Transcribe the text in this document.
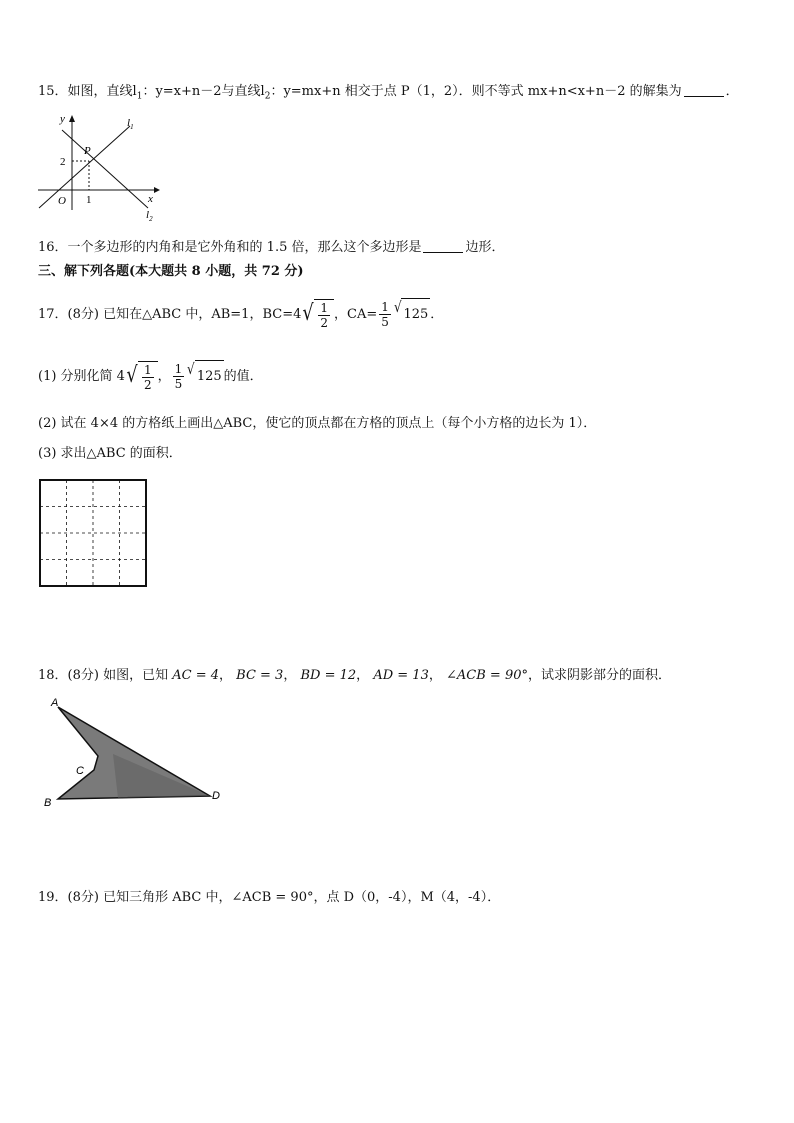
15．如图，直线$l_1$：y=x+n－2与直线$l_2$：y=mx+n 相交于点 P（1，2）．则不等式 mx+n<x+n－2 的解集为	．
y
x
O
P
2
1
$l_1$
$l_2$
16．一个多边形的内角和是它外角和的 1.5 倍，那么这个多边形是	边形．
三、解下列各题(本大题共 8 小题，共 72 分)
17．(8分) 已知在△ABC 中，AB=1，BC=4 √ $\frac{1}{2}$ ，$CA= \frac{1}{5}$ √ 125 ．
(1) 分别化简 4 √ $\frac{1}{2}$ ， $\frac{1}{5}$ √ 125 的值．
(2) 试在 4×4 的方格纸上画出△ABC，使它的顶点都在方格的顶点上（每个小方格的边长为 1）．
(3) 求出△ABC 的面积．
18．(8分) 如图，已知 AC = 4， BC = 3， BD = 12， AD = 13， ∠ACB = 90°，试求阴影部分的面积．
A
C
B
D
19．(8分) 已知三角形 ABC 中，∠ACB = 90°，点 D（0，-4），M（4，-4）．
